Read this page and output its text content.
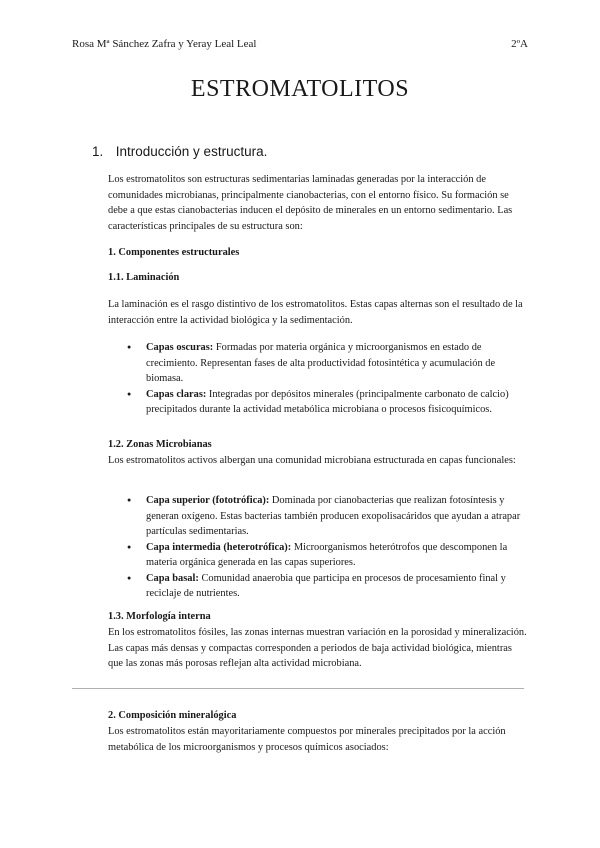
Rosa Mª Sánchez Zafra y Yeray Leal Leal	2ºA
ESTROMATOLITOS
1. Introducción y estructura.

Los estromatolitos son estructuras sedimentarias laminadas generadas por la interacción de comunidades microbianas, principalmente cianobacterias, con el entorno físico. Su formación se debe a que estas cianobacterias inducen el depósito de minerales en un entorno sedimentario. Las características principales de su estructura son:

1. Componentes estructurales

1.1. Laminación

La laminación es el rasgo distintivo de los estromatolitos. Estas capas alternas son el resultado de la interacción entre la actividad biológica y la sedimentación.

● Capas oscuras: Formadas por materia orgánica y microorganismos en estado de crecimiento. Representan fases de alta productividad fotosintética y acumulación de biomasa.
● Capas claras: Integradas por depósitos minerales (principalmente carbonato de calcio) precipitados durante la actividad metabólica microbiana o procesos fisicoquímicos.

1.2. Zonas Microbianas

Los estromatolitos activos albergan una comunidad microbiana estructurada en capas funcionales:

● Capa superior (fototrófica): Dominada por cianobacterias que realizan fotosíntesis y generan oxígeno. Estas bacterias también producen exopolisacáridos que ayudan a atrapar partículas sedimentarias.
● Capa intermedia (heterotrófica): Microorganismos heterótrofos que descomponen la materia orgánica generada en las capas superiores.
● Capa basal: Comunidad anaerobia que participa en procesos de procesamiento final y reciclaje de nutrientes.

1.3. Morfología interna

En los estromatolitos fósiles, las zonas internas muestran variación en la porosidad y mineralización. Las capas más densas y compactas corresponden a periodos de baja actividad biológica, mientras que las zonas más porosas reflejan alta actividad microbiana.

2. Composición mineralógica

Los estromatolitos están mayoritariamente compuestos por minerales precipitados por la acción metabólica de los microorganismos y procesos químicos asociados:
